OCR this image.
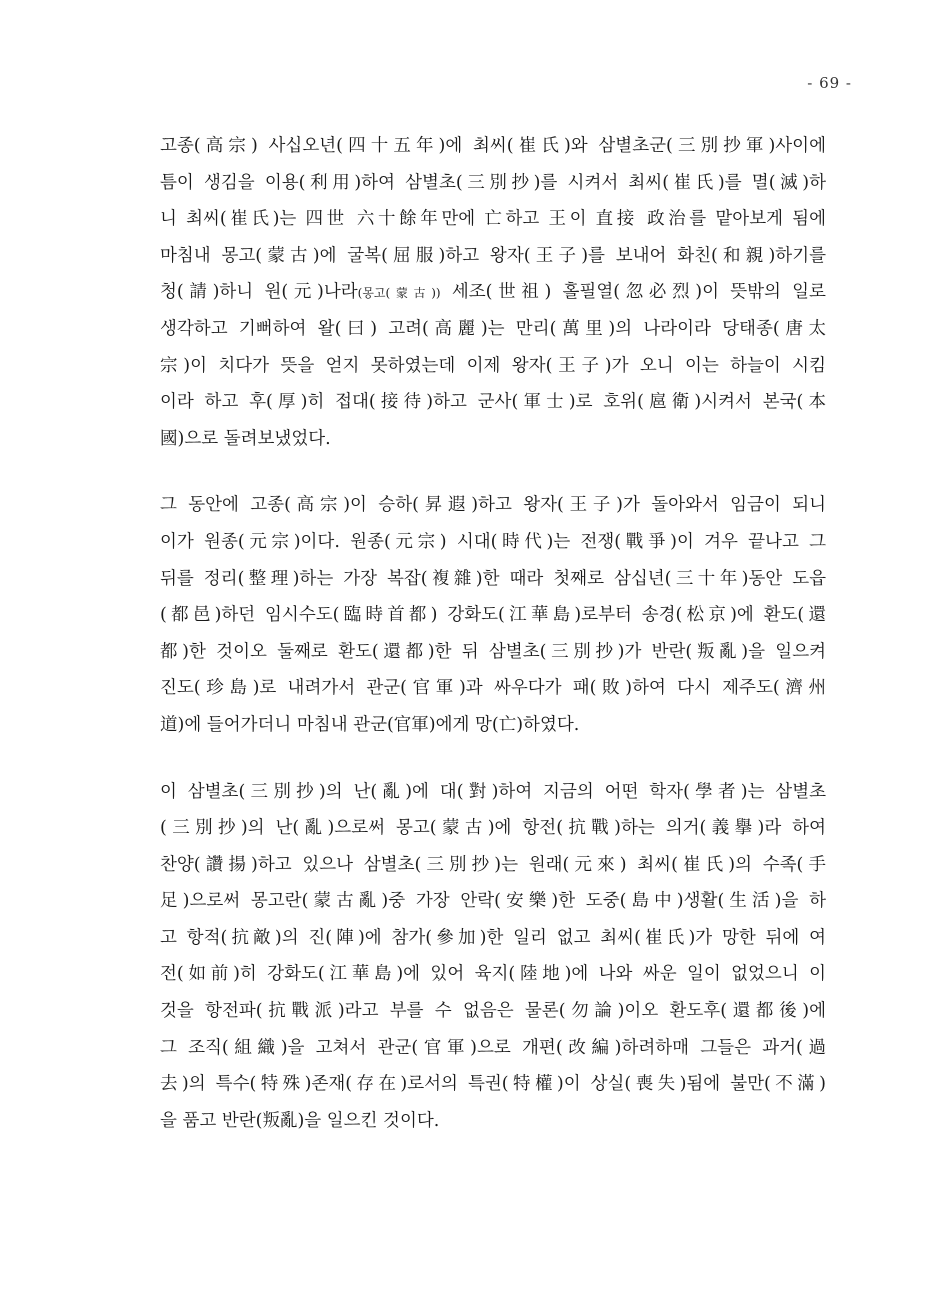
- 69 -

고종(高宗) 사십오년(四十五年)에 최씨(崔氏)와 삼별초군(三別抄軍)사이에
틈이 생김을 이용(利用)하여 삼별초(三別抄)를 시켜서 최씨(崔氏)를 멸(滅)하
니 최씨(崔氏)는 四世 六十餘年만에 亡하고 王이 直接 政治를 맡아보게 됨에
마침내 몽고(蒙古)에 굴복(屈服)하고 왕자(王子)를 보내어 화친(和親)하기를
청(請)하니 원(元)나라(몽고(蒙古)) 세조(世祖) 홀필열(忽必烈)이 뜻밖의 일로
생각하고 기뻐하여 왈(曰) 고려(高麗)는 만리(萬里)의 나라이라 당태종(唐太
宗)이 치다가 뜻을 얻지 못하였는데 이제 왕자(王子)가 오니 이는 하늘이 시킴
이라 하고 후(厚)히 접대(接待)하고 군사(軍士)로 호위(扈衛)시켜서 본국(本
國)으로 돌려보냈었다.

그 동안에 고종(高宗)이 승하(昇遐)하고 왕자(王子)가 돌아와서 임금이 되니
이가 원종(元宗)이다. 원종(元宗) 시대(時代)는 전쟁(戰爭)이 겨우 끝나고 그
뒤를 정리(整理)하는 가장 복잡(複雜)한 때라 첫째로 삼십년(三十年)동안 도읍
(都邑)하던 임시수도(臨時首都) 강화도(江華島)로부터 송경(松京)에 환도(還
都)한 것이오 둘째로 환도(還都)한 뒤 삼별초(三別抄)가 반란(叛亂)을 일으켜
진도(珍島)로 내려가서 관군(官軍)과 싸우다가 패(敗)하여 다시 제주도(濟州
道)에 들어가더니 마침내 관군(官軍)에게 망(亡)하였다.

이 삼별초(三別抄)의 난(亂)에 대(對)하여 지금의 어떤 학자(學者)는 삼별초
(三別抄)의 난(亂)으로써 몽고(蒙古)에 항전(抗戰)하는 의거(義擧)라 하여
찬양(讚揚)하고 있으나 삼별초(三別抄)는 원래(元來) 최씨(崔氏)의 수족(手
足)으로써 몽고란(蒙古亂)중 가장 안락(安樂)한 도중(島中)생활(生活)을 하
고 항적(抗敵)의 진(陣)에 참가(參加)한 일리 없고 최씨(崔氏)가 망한 뒤에 여
전(如前)히 강화도(江華島)에 있어 육지(陸地)에 나와 싸운 일이 없었으니 이
것을 항전파(抗戰派)라고 부를 수 없음은 물론(勿論)이오 환도후(還都後)에
그 조직(組織)을 고쳐서 관군(官軍)으로 개편(改編)하려하매 그들은 과거(過
去)의 특수(特殊)존재(存在)로서의 특권(特權)이 상실(喪失)됨에 불만(不滿)
을 품고 반란(叛亂)을 일으킨 것이다.
